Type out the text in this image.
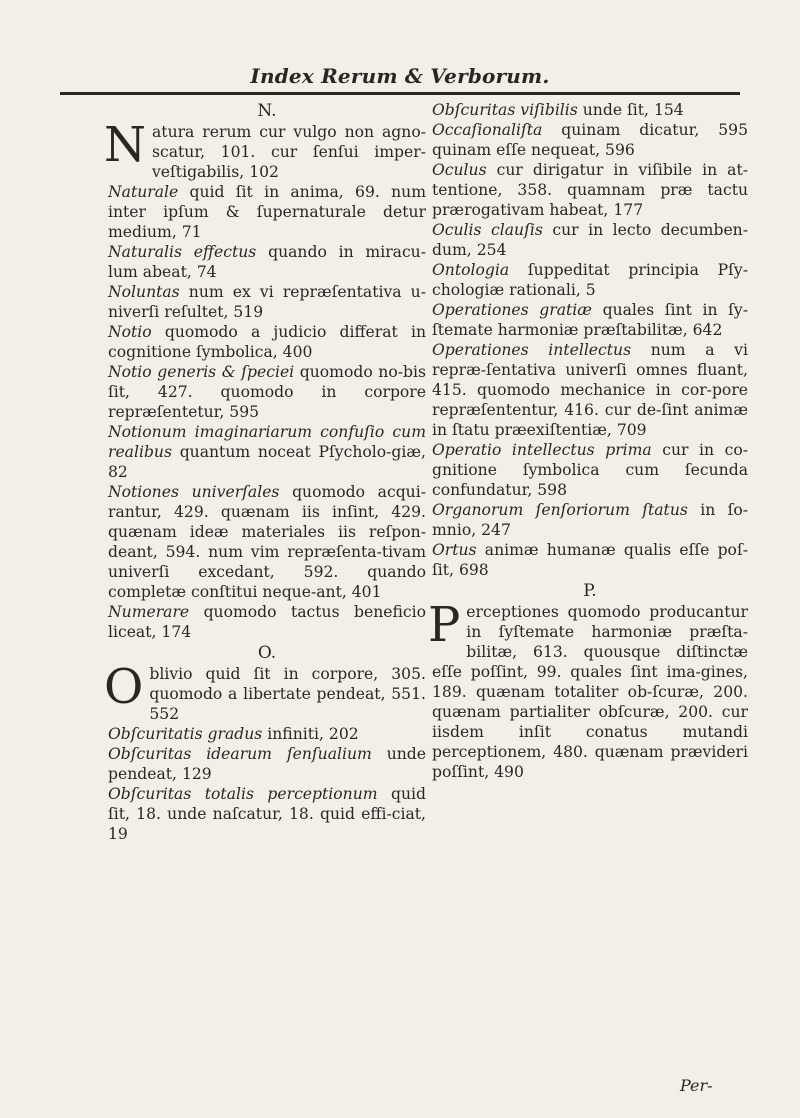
Index Rerum & Verborum.
N.

Natura rerum cur vulgo non agno-scatur, 101. cur ſenſui imper-veſtigabilis, 102

Naturale quid ſit in anima, 69. num inter ipſum & ſupernaturale detur medium, 71

Naturalis effectus quando in miracu-lum abeat, 74

Noluntas num ex vi repræſentativa u-niverſi reſultet, 519

Notio quomodo a judicio differat in cognitione ſymbolica, 400

Notio generis & ſpeciei quomodo no-bis ſit, 427. quomodo in corpore repræſentetur, 595

Notionum imaginariarum confuſio cum realibus quantum noceat Pſycholo-giæ, 82

Notiones univerſales quomodo acqui-rantur, 429. quænam iis inſint, 429. quænam ideæ materiales iis reſpon-deant, 594. num vim repræſenta-tivam univerſi excedant, 592. quando completæ conſtitui neque-ant, 401

Numerare quomodo tactus beneficio liceat, 174

O.

Oblivio quid ſit in corpore, 305. quomodo a libertate pendeat, 551. 552

Obſcuritatis gradus infiniti, 202

Obſcuritas idearum ſenſualium unde pendeat, 129

Obſcuritas totalis perceptionum quid ſit, 18. unde naſcatur, 18. quid effi-ciat, 19

Obſcuritas viſibilis unde ſit, 154

Occaſionaliſta quinam dicatur, 595 quinam eſſe nequeat, 596

Oculus cur dirigatur in viſibile in at-tentione, 358. quamnam præ tactu prærogativam habeat, 177

Oculis clauſis cur in lecto decumben-dum, 254

Ontologia ſuppeditat principia Pſy-chologiæ rationali, 5

Operationes gratiæ quales ſint in ſy-ſtemate harmoniæ præſtabilitæ, 642

Operationes intellectus num a vi repræ-ſentativa univerſi omnes fluant, 415. quomodo mechanice in cor-pore repræſententur, 416. cur de-ſint animæ in ſtatu præexiſtentiæ, 709

Operatio intellectus prima cur in co-gnitione ſymbolica cum ſecunda confundatur, 598

Organorum ſenſoriorum ſtatus in ſo-mnio, 247

Ortus animæ humanæ qualis eſſe poſ-ſit, 698

P.

Perceptiones quomodo producantur in ſyſtemate harmoniæ præſta-bilitæ, 613. quousque diſtinctæ eſſe poſſint, 99. quales ſint ima-gines, 189. quænam totaliter ob-ſcuræ, 200. quænam partialiter obſcuræ, 200. cur iisdem inſit conatus mutandi perceptionem, 480. quænam prævideri poſſint, 490

Per-
